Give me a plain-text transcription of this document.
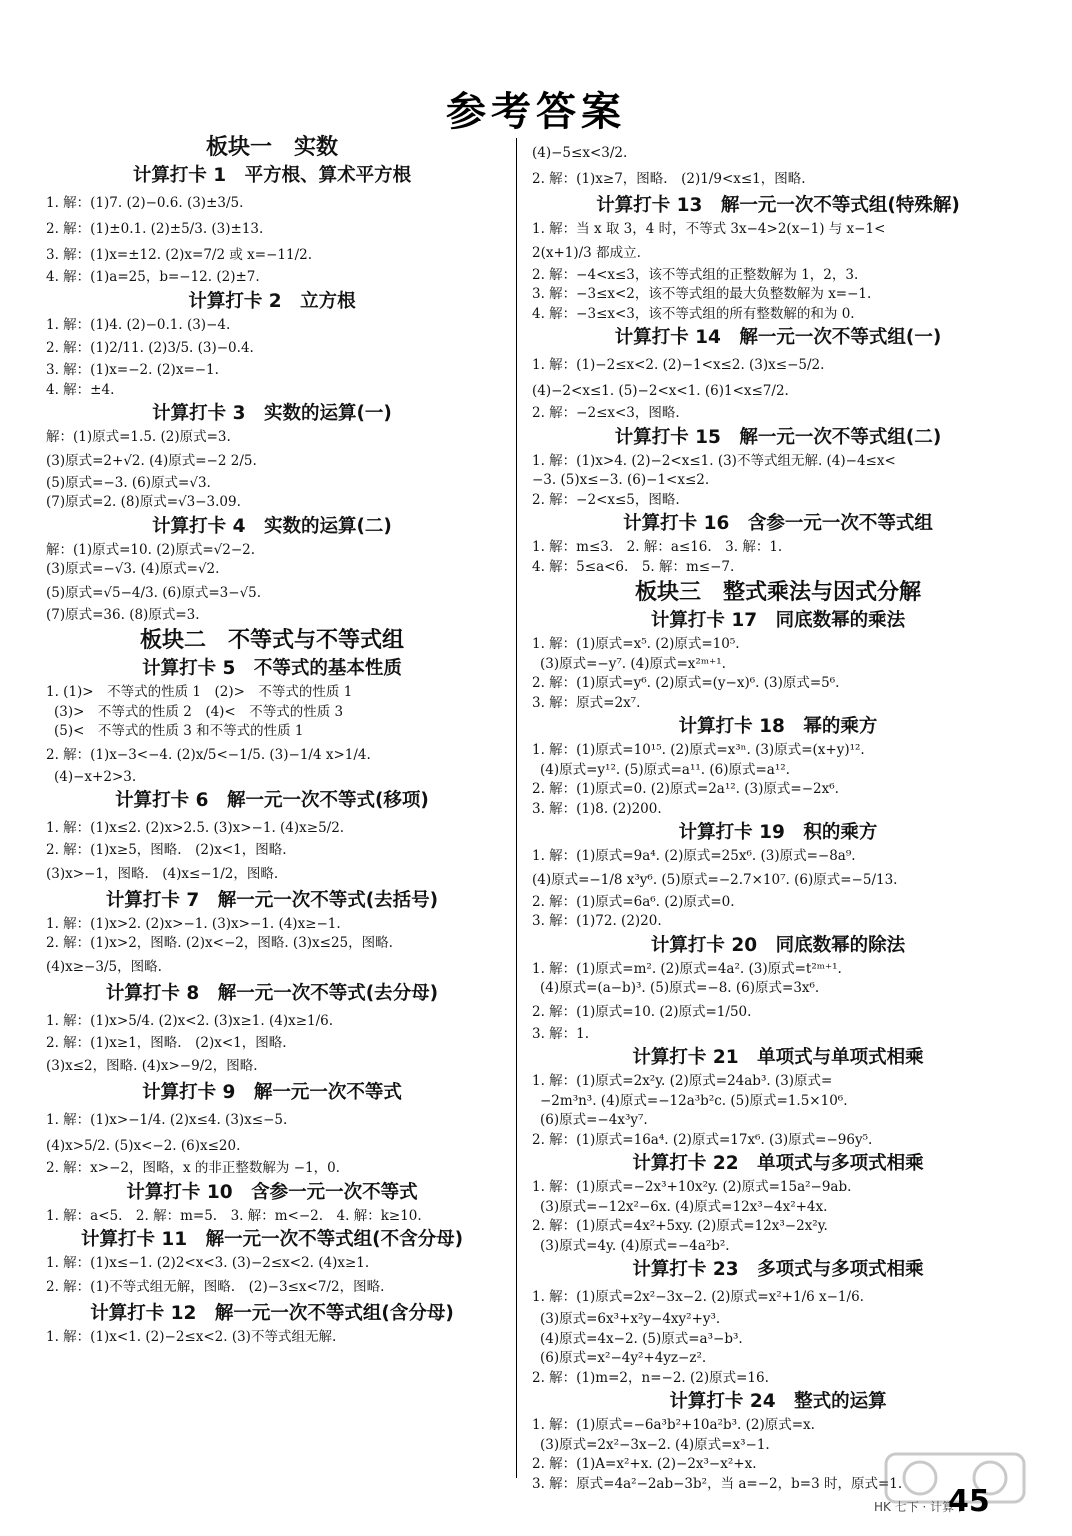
参考答案
板块一　实数
计算打卡 1　平方根、算术平方根
1. 解：(1)7. (2)−0.6. (3)±3/5.
2. 解：(1)±0.1. (2)±5/3. (3)±13.
3. 解：(1)x=±12. (2)x=7/2 或 x=−11/2.
4. 解：(1)a=25，b=−12. (2)±7.
计算打卡 2　立方根
1. 解：(1)4. (2)−0.1. (3)−4.
2. 解：(1)2/11. (2)3/5. (3)−0.4.
3. 解：(1)x=−2. (2)x=−1.
4. 解：±4.
计算打卡 3　实数的运算(一)
解：(1)原式=1.5. (2)原式=3.
(3)原式=2+√2. (4)原式=−2 2/5.
(5)原式=−3. (6)原式=√3.
(7)原式=2. (8)原式=√3−3.09.
计算打卡 4　实数的运算(二)
解：(1)原式=10. (2)原式=√2−2.
(3)原式=−√3. (4)原式=√2.
(5)原式=√5−4/3. (6)原式=3−√5.
(7)原式=36. (8)原式=3.
板块二　不等式与不等式组
计算打卡 5　不等式的基本性质
1. (1)>　不等式的性质 1　(2)>　不等式的性质 1
(3)>　不等式的性质 2　(4)<　不等式的性质 3
(5)<　不等式的性质 3 和不等式的性质 1
2. 解：(1)x−3<−4. (2)x/5<−1/5. (3)−1/4 x>1/4.
(4)−x+2>3.
计算打卡 6　解一元一次不等式(移项)
1. 解：(1)x≤2. (2)x>2.5. (3)x>−1. (4)x≥5/2.
2. 解：(1)x≥5，图略.　(2)x<1，图略.
(3)x>−1，图略.　(4)x≤−1/2，图略.
计算打卡 7　解一元一次不等式(去括号)
1. 解：(1)x>2. (2)x>−1. (3)x>−1. (4)x≥−1.
2. 解：(1)x>2，图略. (2)x<−2，图略. (3)x≤25，图略.
(4)x≥−3/5，图略.
计算打卡 8　解一元一次不等式(去分母)
1. 解：(1)x>5/4. (2)x<2. (3)x≥1. (4)x≥1/6.
2. 解：(1)x≥1，图略.　(2)x<1，图略.
(3)x≤2，图略. (4)x>−9/2，图略.
计算打卡 9　解一元一次不等式
1. 解：(1)x>−1/4. (2)x≤4. (3)x≤−5.
(4)x>5/2. (5)x<−2. (6)x≤20.
2. 解：x>−2，图略，x 的非正整数解为 −1，0.
计算打卡 10　含参一元一次不等式
1. 解：a<5.　2. 解：m=5.　3. 解：m<−2.　4. 解：k≥10.
计算打卡 11　解一元一次不等式组(不含分母)
1. 解：(1)x≤−1. (2)2<x<3. (3)−2≤x<2. (4)x≥1.
2. 解：(1)不等式组无解，图略.　(2)−3≤x<7/2，图略.
计算打卡 12　解一元一次不等式组(含分母)
1. 解：(1)x<1. (2)−2≤x<2. (3)不等式组无解.
(4)−5≤x<3/2.
2. 解：(1)x≥7，图略.　(2)1/9<x≤1，图略.
计算打卡 13　解一元一次不等式组(特殊解)
1. 解：当 x 取 3，4 时，不等式 3x−4>2(x−1) 与 x−1<
2(x+1)/3 都成立.
2. 解：−4<x≤3，该不等式组的正整数解为 1，2，3.
3. 解：−3≤x<2，该不等式组的最大负整数解为 x=−1.
4. 解：−3≤x<3，该不等式组的所有整数解的和为 0.
计算打卡 14　解一元一次不等式组(一)
1. 解：(1)−2≤x<2. (2)−1<x≤2. (3)x≤−5/2.
(4)−2<x≤1. (5)−2<x<1. (6)1<x≤7/2.
2. 解：−2≤x<3，图略.
计算打卡 15　解一元一次不等式组(二)
1. 解：(1)x>4. (2)−2<x≤1. (3)不等式组无解. (4)−4≤x<
−3. (5)x≤−3. (6)−1<x≤2.
2. 解：−2<x≤5，图略.
计算打卡 16　含参一元一次不等式组
1. 解：m≤3.　2. 解：a≤16.　3. 解：1.
4. 解：5≤a<6.　5. 解：m≤−7.
板块三　整式乘法与因式分解
计算打卡 17　同底数幂的乘法
1. 解：(1)原式=x⁵. (2)原式=10⁵.
(3)原式=−y⁷. (4)原式=x²ᵐ⁺¹.
2. 解：(1)原式=y⁶. (2)原式=(y−x)⁶. (3)原式=5⁶.
3. 解：原式=2x⁷.
计算打卡 18　幂的乘方
1. 解：(1)原式=10¹⁵. (2)原式=x³ⁿ. (3)原式=(x+y)¹².
(4)原式=y¹². (5)原式=a¹¹. (6)原式=a¹².
2. 解：(1)原式=0. (2)原式=2a¹². (3)原式=−2x⁶.
3. 解：(1)8. (2)200.
计算打卡 19　积的乘方
1. 解：(1)原式=9a⁴. (2)原式=25x⁶. (3)原式=−8a⁹.
(4)原式=−1/8 x³y⁶. (5)原式=−2.7×10⁷. (6)原式=−5/13.
2. 解：(1)原式=6a⁶. (2)原式=0.
3. 解：(1)72. (2)20.
计算打卡 20　同底数幂的除法
1. 解：(1)原式=m². (2)原式=4a². (3)原式=t²ᵐ⁺¹.
(4)原式=(a−b)³. (5)原式=−8. (6)原式=3x⁶.
2. 解：(1)原式=10. (2)原式=1/50.
3. 解：1.
计算打卡 21　单项式与单项式相乘
1. 解：(1)原式=2x²y. (2)原式=24ab³. (3)原式=
−2m³n³. (4)原式=−12a³b²c. (5)原式=1.5×10⁶.
(6)原式=−4x³y⁷.
2. 解：(1)原式=16a⁴. (2)原式=17x⁶. (3)原式=−96y⁵.
计算打卡 22　单项式与多项式相乘
1. 解：(1)原式=−2x³+10x²y. (2)原式=15a²−9ab.
(3)原式=−12x²−6x. (4)原式=12x³−4x²+4x.
2. 解：(1)原式=4x²+5xy. (2)原式=12x³−2x²y.
(3)原式=4y. (4)原式=−4a²b².
计算打卡 23　多项式与多项式相乘
1. 解：(1)原式=2x²−3x−2. (2)原式=x²+1/6 x−1/6.
(3)原式=6x³+x²y−4xy²+y³.
(4)原式=4x−2. (5)原式=a³−b³.
(6)原式=x²−4y²+4yz−z².
2. 解：(1)m=2，n=−2. (2)原式=16.
计算打卡 24　整式的运算
1. 解：(1)原式=−6a³b²+10a²b³. (2)原式=x.
(3)原式=2x²−3x−2. (4)原式=x³−1.
2. 解：(1)A=x²+x. (2)−2x³−x²+x.
3. 解：原式=4a²−2ab−3b²，当 a=−2，b=3 时，原式=1.
HK 七下 · 计算卡
45
